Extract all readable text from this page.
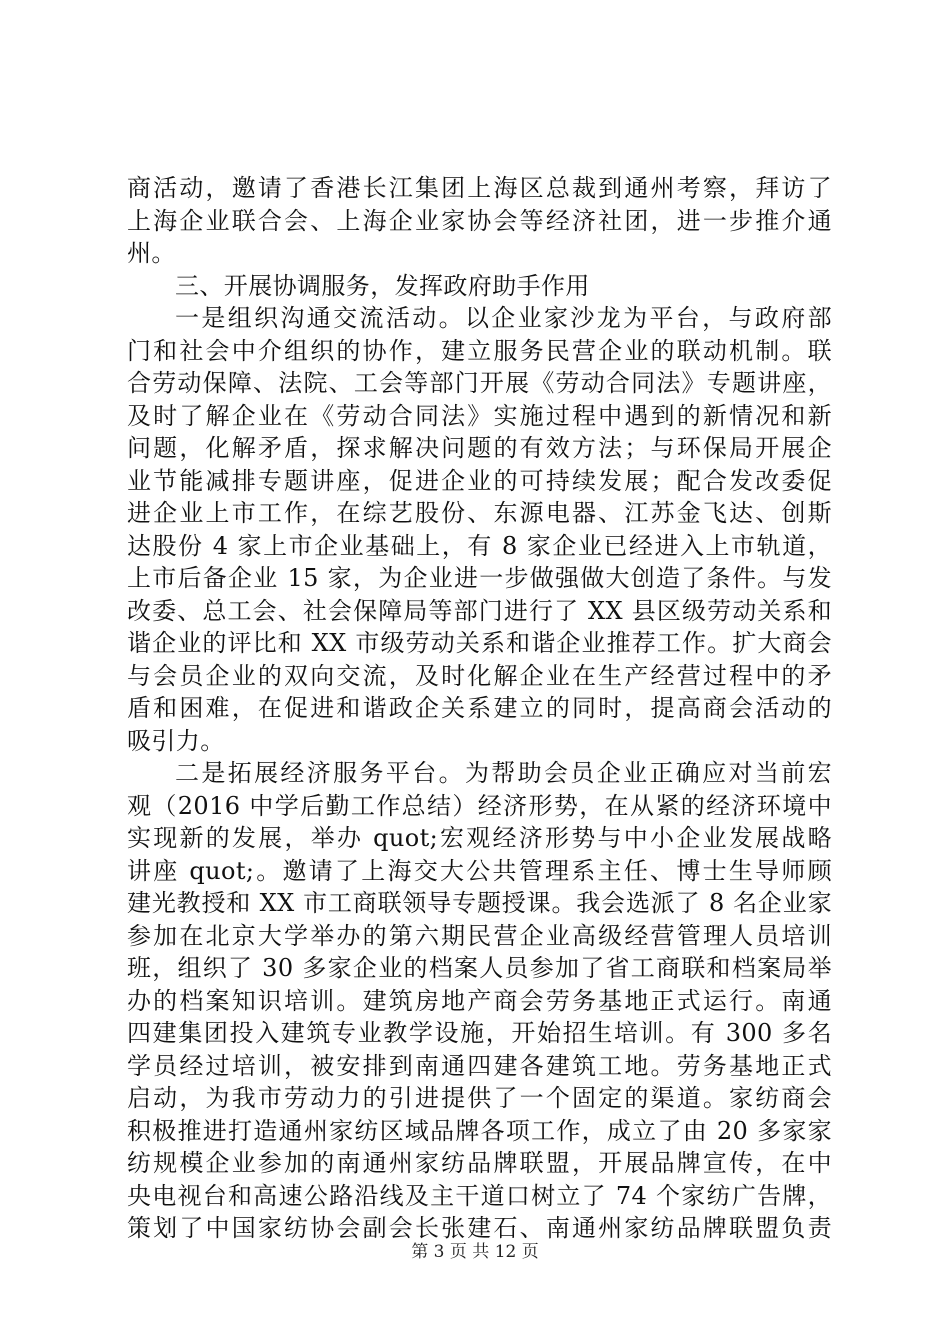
商活动，邀请了香港长江集团上海区总裁到通州考察，拜访了
上海企业联合会、上海企业家协会等经济社团，进一步推介通
州。
三、开展协调服务，发挥政府助手作用
一是组织沟通交流活动。以企业家沙龙为平台，与政府部
门和社会中介组织的协作，建立服务民营企业的联动机制。联
合劳动保障、法院、工会等部门开展《劳动合同法》专题讲座，
及时了解企业在《劳动合同法》实施过程中遇到的新情况和新
问题，化解矛盾，探求解决问题的有效方法；与环保局开展企
业节能减排专题讲座，促进企业的可持续发展；配合发改委促
进企业上市工作，在综艺股份、东源电器、江苏金飞达、创斯
达股份 4 家上市企业基础上，有 8 家企业已经进入上市轨道，
上市后备企业 15 家，为企业进一步做强做大创造了条件。与发
改委、总工会、社会保障局等部门进行了 XX 县区级劳动关系和
谐企业的评比和 XX 市级劳动关系和谐企业推荐工作。扩大商会
与会员企业的双向交流，及时化解企业在生产经营过程中的矛
盾和困难，在促进和谐政企关系建立的同时，提高商会活动的
吸引力。
二是拓展经济服务平台。为帮助会员企业正确应对当前宏
观（2016 中学后勤工作总结）经济形势，在从紧的经济环境中
实现新的发展，举办 quot;宏观经济形势与中小企业发展战略
讲座 quot;。邀请了上海交大公共管理系主任、博士生导师顾
建光教授和 XX 市工商联领导专题授课。我会选派了 8 名企业家
参加在北京大学举办的第六期民营企业高级经营管理人员培训
班，组织了 30 多家企业的档案人员参加了省工商联和档案局举
办的档案知识培训。建筑房地产商会劳务基地正式运行。南通
四建集团投入建筑专业教学设施，开始招生培训。有 300 多名
学员经过培训，被安排到南通四建各建筑工地。劳务基地正式
启动，为我市劳动力的引进提供了一个固定的渠道。家纺商会
积极推进打造通州家纺区域品牌各项工作，成立了由 20 多家家
纺规模企业参加的南通州家纺品牌联盟，开展品牌宣传，在中
央电视台和高速公路沿线及主干道口树立了 74 个家纺广告牌，
策划了中国家纺协会副会长张建石、南通州家纺品牌联盟负责
第 3 页 共 12 页
